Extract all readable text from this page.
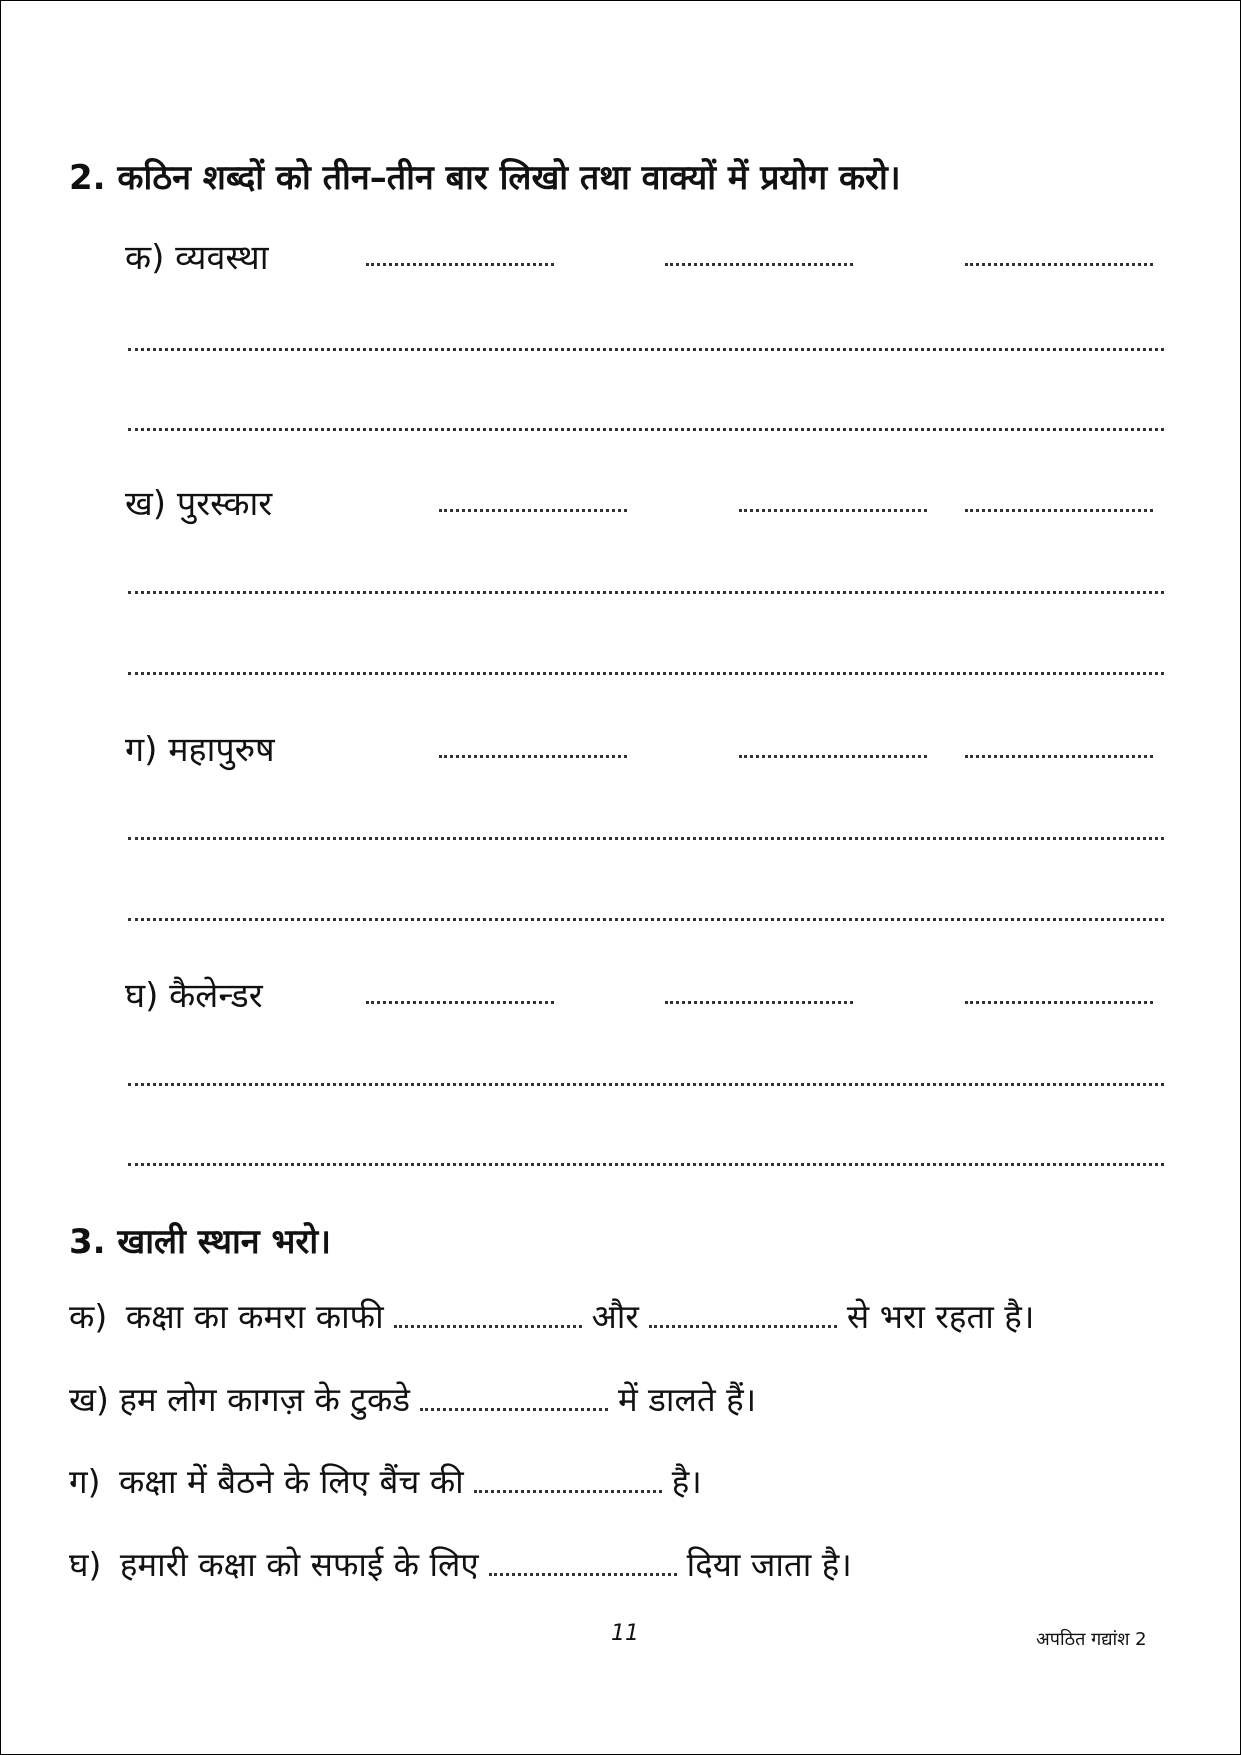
2. कठिन शब्दों को तीन–तीन बार लिखो तथा वाक्यों में प्रयोग करो।
क) व्यवस्था
ख) पुरस्कार
ग) महापुरुष
घ) कैलेन्डर
3. खाली स्थान भरो।
क) कक्षा का कमरा काफी	और	से भरा रहता है।
ख) हम लोग कागज़ के टुकडे	में डालते हैं।
ग) कक्षा में बैठने के लिए बैंच की	है।
घ) हमारी कक्षा को सफाई के लिए	दिया जाता है।
11	अपठित गद्यांश 2
